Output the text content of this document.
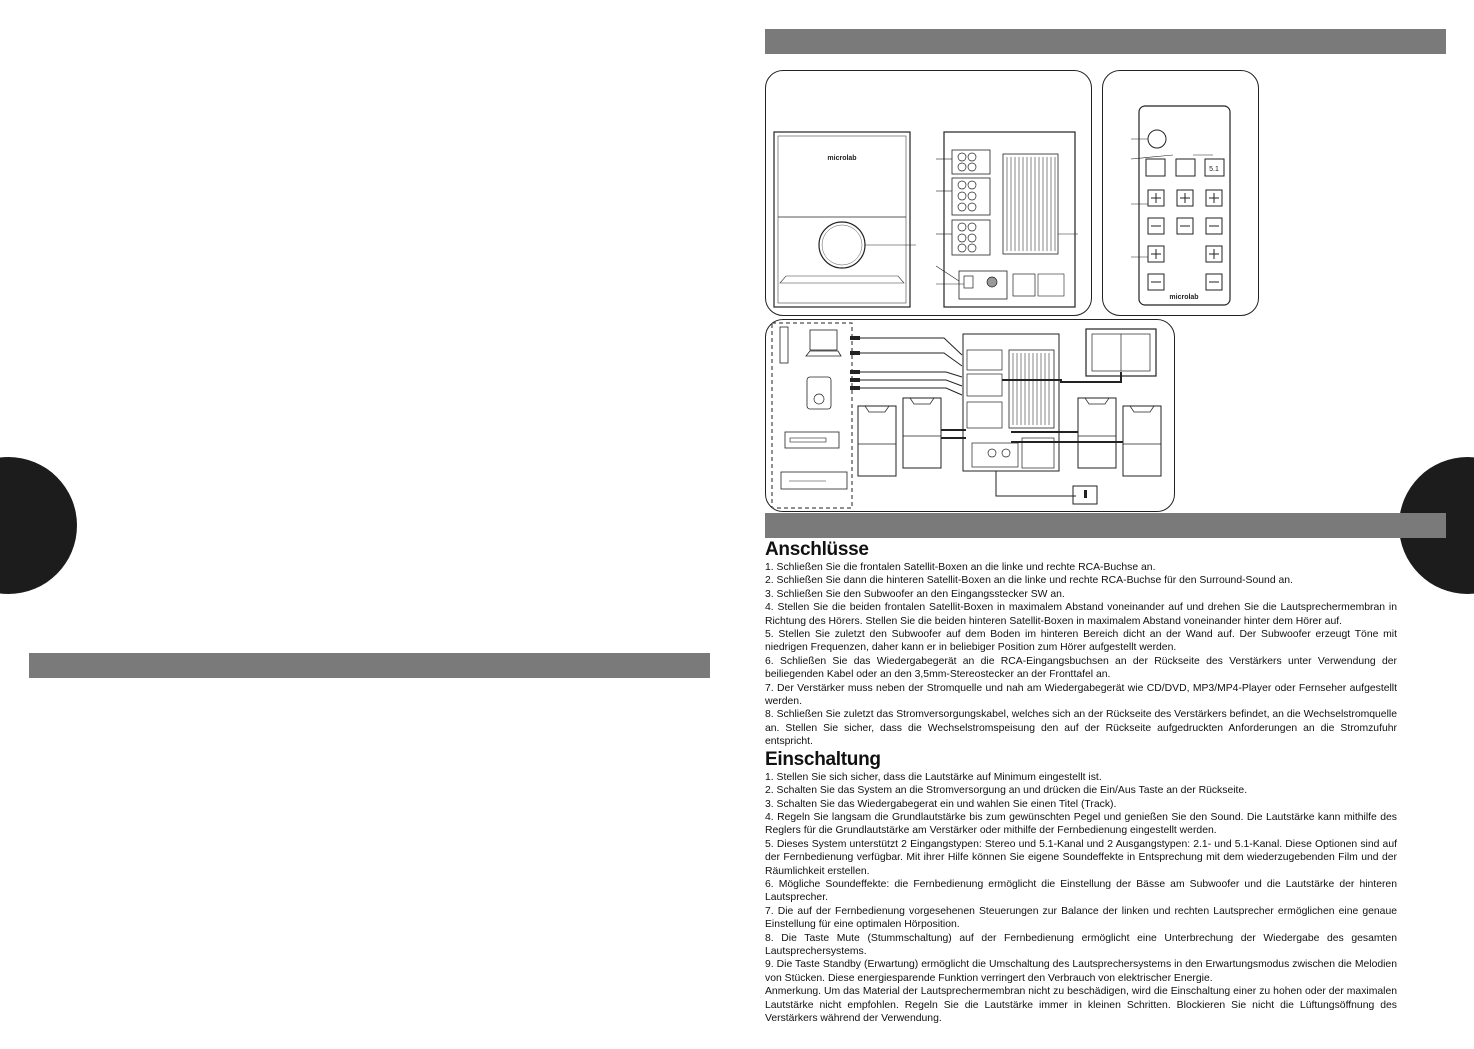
microlab
5.1
microlab
Anschlüsse

1. Schließen Sie die frontalen Satellit-Boxen an die linke und rechte RCA-Buchse an.

2. Schließen Sie dann die hinteren Satellit-Boxen an die linke und rechte RCA-Buchse für den Surround-Sound an.

3. Schließen Sie den Subwoofer an den Eingangsstecker SW an.

4. Stellen Sie die beiden frontalen Satellit-Boxen in maximalem Abstand voneinander auf und drehen Sie die Lautsprechermembran in Richtung des Hörers. Stellen Sie die beiden hinteren Satellit-Boxen in maximalem Abstand voneinander hinter dem Hörer auf.

5. Stellen Sie zuletzt den Subwoofer auf dem Boden im hinteren Bereich dicht an der Wand auf. Der Subwoofer erzeugt Töne mit niedrigen Frequenzen, daher kann er in beliebiger Position zum Hörer aufgestellt werden.

6. Schließen Sie das Wiedergabegerät an die RCA-Eingangsbuchsen an der Rückseite des Verstärkers unter Verwendung der beiliegenden Kabel oder an den 3,5mm-Stereostecker an der Fronttafel an.

7. Der Verstärker muss neben der Stromquelle und nah am Wiedergabegerät wie CD/DVD, MP3/MP4-Player oder Fernseher aufgestellt werden.

8. Schließen Sie zuletzt das Stromversorgungskabel, welches sich an der Rückseite des Verstärkers befindet, an die Wechselstromquelle an. Stellen Sie sicher, dass die Wechselstromspeisung den auf der Rückseite aufgedruckten Anforderungen an die Stromzufuhr entspricht.

Einschaltung

1. Stellen Sie sich sicher, dass die Lautstärke auf Minimum eingestellt ist.

2. Schalten Sie das System an die Stromversorgung an und drücken die Ein/Aus Taste an der Rückseite.

3. Schalten Sie das Wiedergabegerat ein und wahlen Sie einen Titel (Track).

4. Regeln Sie langsam die Grundlautstärke bis zum gewünschten Pegel und genießen Sie den Sound. Die Lautstärke kann mithilfe des Reglers für die Grundlautstärke am Verstärker oder mithilfe der Fernbedienung eingestellt werden.

5. Dieses System unterstützt 2 Eingangstypen: Stereo und 5.1-Kanal und 2 Ausgangstypen: 2.1- und 5.1-Kanal. Diese Optionen sind auf der Fernbedienung verfügbar. Mit ihrer Hilfe können Sie eigene Soundeffekte in Entsprechung mit dem wiederzugebenden Film und der Räumlichkeit erstellen.

6. Mögliche Soundeffekte: die Fernbedienung ermöglicht die Einstellung der Bässe am Subwoofer und die Lautstärke der hinteren Lautsprecher.

7. Die auf der Fernbedienung vorgesehenen Steuerungen zur Balance der linken und rechten Lautsprecher ermöglichen eine genaue Einstellung für eine optimalen Hörposition.

8. Die Taste Mute (Stummschaltung) auf der Fernbedienung ermöglicht eine Unterbrechung der Wiedergabe des gesamten Lautsprechersystems.

9. Die Taste Standby (Erwartung) ermöglicht die Umschaltung des Lautsprechersystems in den Erwartungsmodus zwischen die Melodien von Stücken. Diese energiesparende Funktion verringert den Verbrauch von elektrischer Energie.

Anmerkung. Um das Material der Lautsprechermembran nicht zu beschädigen, wird die Einschaltung einer zu hohen oder der maximalen Lautstärke nicht empfohlen. Regeln Sie die Lautstärke immer in kleinen Schritten. Blockieren Sie nicht die Lüftungsöffnung des Verstärkers während der Verwendung.
